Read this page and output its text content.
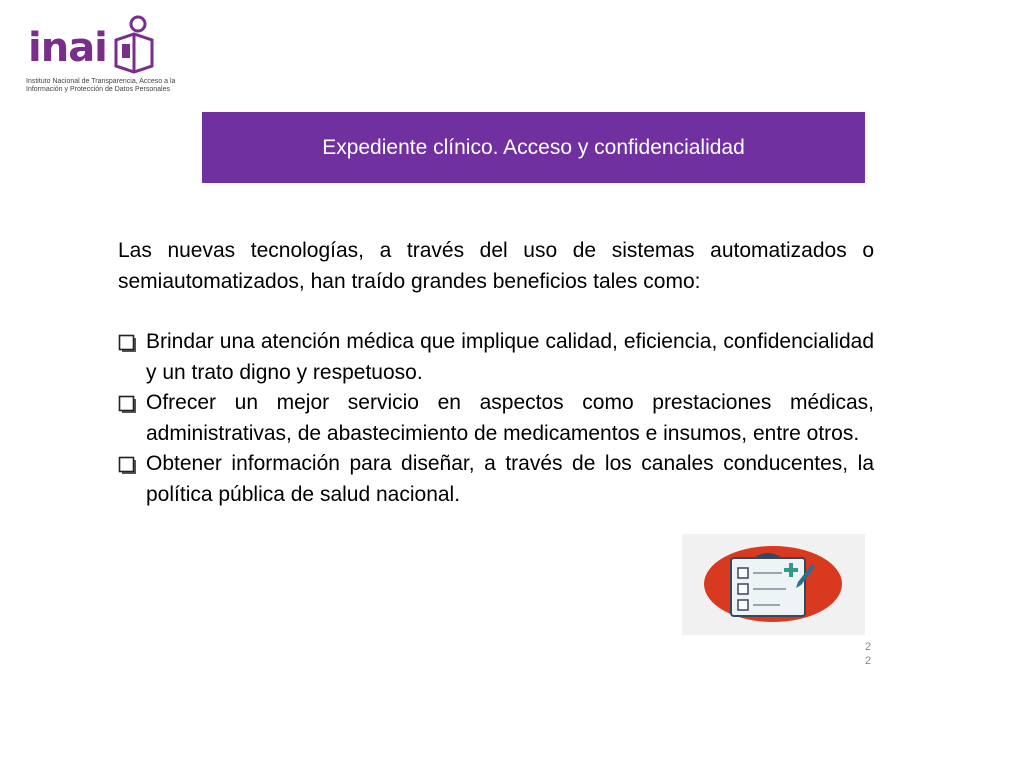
inai
Instituto Nacional de Transparencia, Acceso a la Información y Protección de Datos Personales
Expediente clínico. Acceso y confidencialidad

Las nuevas tecnologías, a través del uso de sistemas automatizados o semiautomatizados, han traído grandes beneficios tales como:

Brindar una atención médica que implique calidad, eficiencia, confidencialidad y un trato digno y respetuoso.
Ofrecer un mejor servicio en aspectos como prestaciones médicas, administrativas, de abastecimiento de medicamentos e insumos, entre otros.
Obtener información para diseñar, a través de los canales conducentes, la política pública de salud nacional.
2 2
